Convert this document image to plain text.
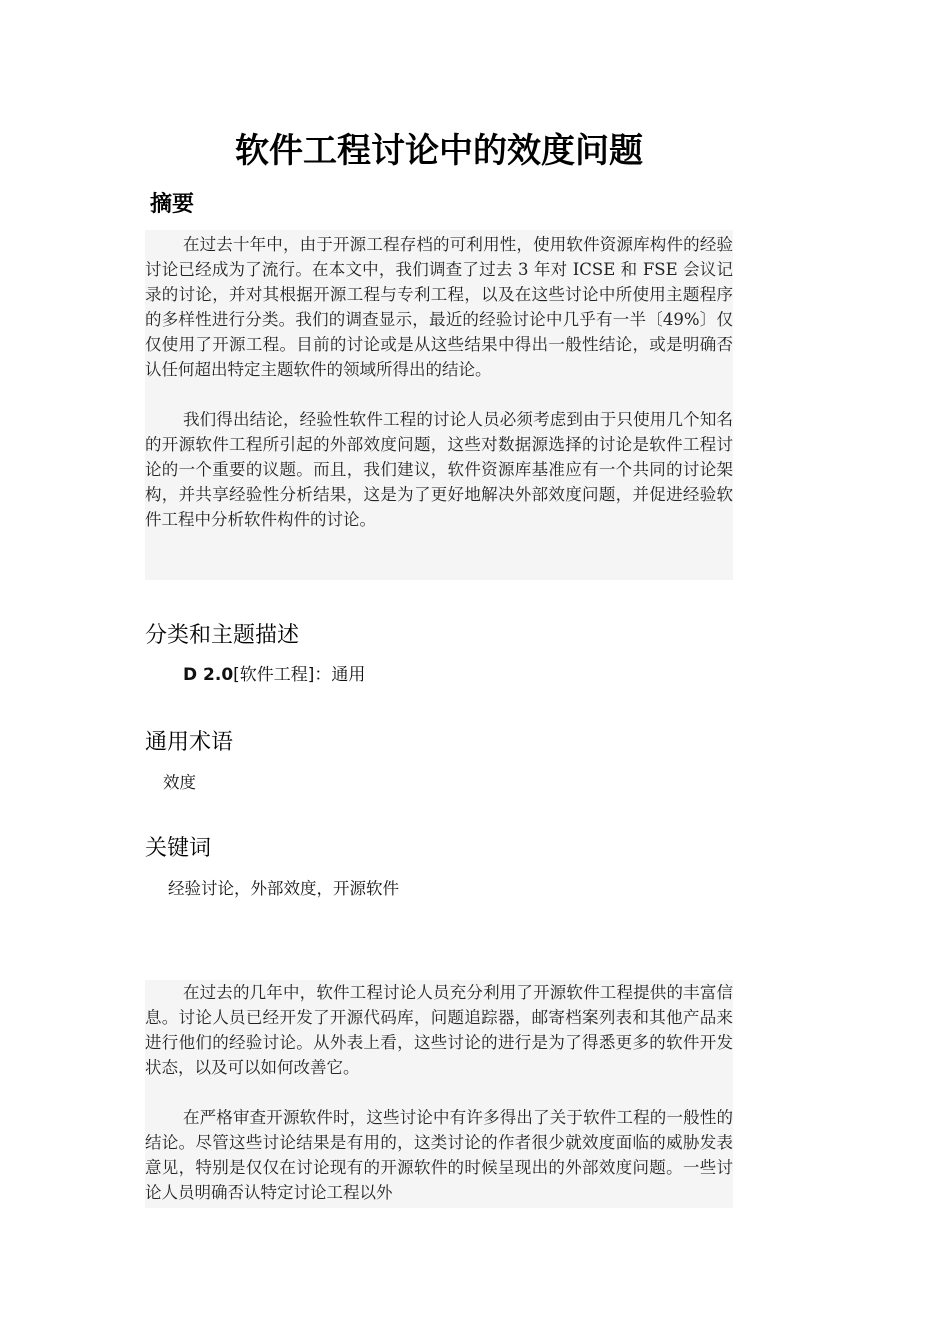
软件工程讨论中的效度问题
摘要

在过去十年中，由于开源工程存档的可利用性，使用软件资源库构件的经验讨论已经成为了流行。在本文中，我们调查了过去 3 年对 ICSE 和 FSE 会议记录的讨论，并对其根据开源工程与专利工程，以及在这些讨论中所使用主题程序的多样性进行分类。我们的调查显示，最近的经验讨论中几乎有一半〔49%〕仅仅使用了开源工程。目前的讨论或是从这些结果中得出一般性结论，或是明确否认任何超出特定主题软件的领域所得出的结论。

我们得出结论，经验性软件工程的讨论人员必须考虑到由于只使用几个知名的开源软件工程所引起的外部效度问题，这些对数据源选择的讨论是软件工程讨论的一个重要的议题。而且，我们建议，软件资源库基准应有一个共同的讨论架构，并共享经验性分析结果，这是为了更好地解决外部效度问题，并促进经验软件工程中分析软件构件的讨论。

分类和主题描述
D 2.0[软件工程]：通用
通用术语
效度
关键词
经验讨论，外部效度，开源软件

在过去的几年中，软件工程讨论人员充分利用了开源软件工程提供的丰富信息。讨论人员已经开发了开源代码库，问题追踪器，邮寄档案列表和其他产品来进行他们的经验讨论。从外表上看，这些讨论的进行是为了得悉更多的软件开发状态，以及可以如何改善它。

在严格审查开源软件时，这些讨论中有许多得出了关于软件工程的一般性的结论。尽管这些讨论结果是有用的，这类讨论的作者很少就效度面临的威胁发表意见，特别是仅仅在讨论现有的开源软件的时候呈现出的外部效度问题。一些讨论人员明确否认特定讨论工程以外
